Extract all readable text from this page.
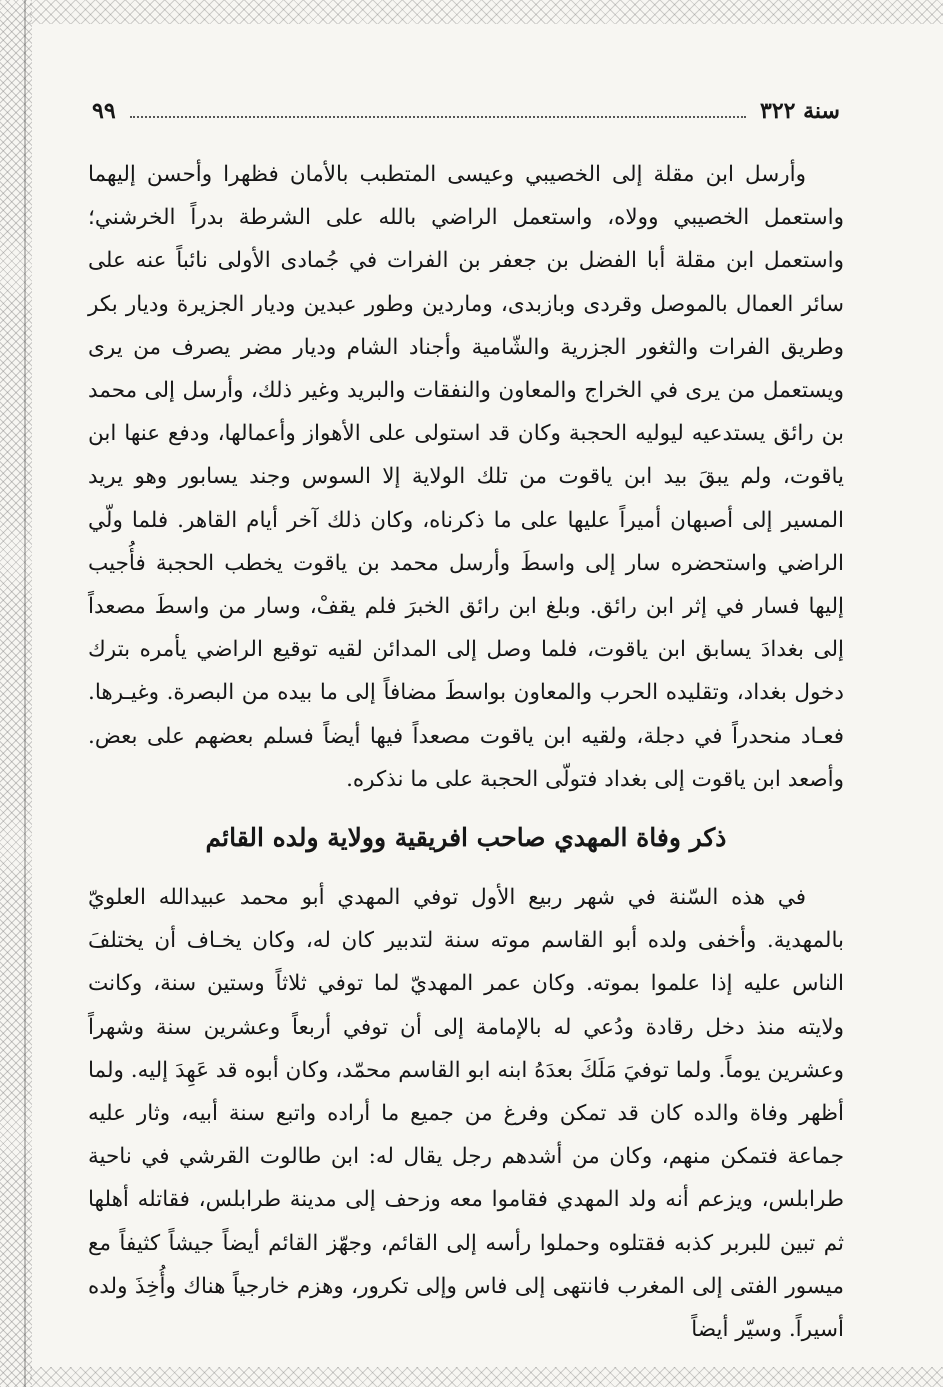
سنة ٣٢٢
٩٩

وأرسل ابن مقلة إلى الخصيبي وعيسى المتطبب بالأمان فظهرا وأحسن إليهما واستعمل الخصيبي وولاه، واستعمل الراضي بالله على الشرطة بدراً الخرشني؛ واستعمل ابن مقلة أبا الفضل بن جعفر بن الفرات في جُمادى الأولى نائباً عنه على سائر العمال بالموصل وقردى وبازبدى، وماردين وطور عبدين وديار الجزيرة وديار بكر وطريق الفرات والثغور الجزرية والشّامية وأجناد الشام وديار مضر يصرف من يرى ويستعمل من يرى في الخراج والمعاون والنفقات والبريد وغير ذلك، وأرسل إلى محمد بن رائق يستدعيه ليوليه الحجبة وكان قد استولى على الأهواز وأعمالها، ودفع عنها ابن ياقوت، ولم يبقَ بيد ابن ياقوت من تلك الولاية إلا السوس وجند يسابور وهو يريد المسير إلى أصبهان أميراً عليها على ما ذكرناه، وكان ذلك آخر أيام القاهر. فلما ولّي الراضي واستحضره سار إلى واسطَ وأرسل محمد بن ياقوت يخطب الحجبة فأُجيب إليها فسار في إثر ابن رائق. وبلغ ابن رائق الخبرَ فلم يقفْ، وسار من واسطَ مصعداً إلى بغدادَ يسابق ابن ياقوت، فلما وصل إلى المدائن لقيه توقيع الراضي يأمره بترك دخول بغداد، وتقليده الحرب والمعاون بواسطَ مضافاً إلى ما بيده من البصرة. وغيـرها. فعـاد منحدراً في دجلة، ولقيه ابن ياقوت مصعداً فيها أيضاً فسلم بعضهم على بعض. وأصعد ابن ياقوت إلى بغداد فتولّى الحجبة على ما نذكره.

ذكر وفاة المهدي صاحب افريقية وولاية ولده القائم

في هذه السّنة في شهر ربيع الأول توفي المهدي أبو محمد عبيدالله العلويّ بالمهدية. وأخفى ولده أبو القاسم موته سنة لتدبير كان له، وكان يخـاف أن يختلفَ الناس عليه إذا علموا بموته. وكان عمر المهديّ لما توفي ثلاثاً وستين سنة، وكانت ولايته منذ دخل رقادة ودُعي له بالإمامة إلى أن توفي أربعاً وعشرين سنة وشهراً وعشرين يوماً. ولما توفيَ مَلَكَ بعدَهُ ابنه ابو القاسم محمّد، وكان أبوه قد عَهِدَ إليه. ولما أظهر وفاة والده كان قد تمكن وفرغ من جميع ما أراده واتبع سنة أبيه، وثار عليه جماعة فتمكن منهم، وكان من أشدهم رجل يقال له: ابن طالوت القرشي في ناحية طرابلس، ويزعم أنه ولد المهدي فقاموا معه وزحف إلى مدينة طرابلس، فقاتله أهلها ثم تبين للبربر كذبه فقتلوه وحملوا رأسه إلى القائم، وجهّز القائم أيضاً جيشاً كثيفاً مع ميسور الفتى إلى المغرب فانتهى إلى فاس وإلى تكرور، وهزم خارجياً هناك وأُخِذَ ولده أسيراً. وسيّر أيضاً
